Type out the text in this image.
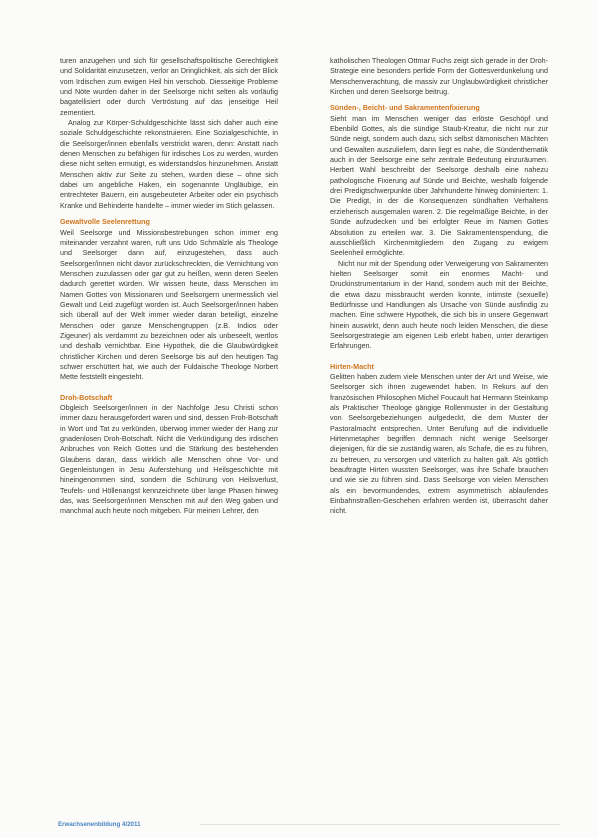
turen anzugehen und sich für gesellschaftspolitische Gerechtigkeit und Solidarität einzusetzen, verlor an Dringlichkeit, als sich der Blick vom Irdischen zum ewigen Heil hin verschob. Diesseitige Probleme und Nöte wurden daher in der Seelsorge nicht selten als vorläufig bagatellisiert oder durch Vertröstung auf das jenseitige Heil zementiert.

Analog zur Körper-Schuldgeschichte lässt sich daher auch eine soziale Schuldgeschichte rekonstruieren. Eine Sozialgeschichte, in die Seelsorger/innen ebenfalls verstrickt waren, denn: Anstatt nach denen Menschen zu befähigen für irdisches Los zu werden, wurden diese nicht selten ermutigt, es widerstandslos hinzunehmen. Anstatt Menschen aktiv zur Seite zu stehen, wurden diese – ohne sich dabei um angebliche Haken, ein sogenannte Ungläubige, ein entrechteter Bauern, ein ausgebeuteter Arbeiter oder ein psychisch Kranke und Behinderte handelte – immer wieder im Stich gelassen.

Gewaltvolle Seelenrettung

Weil Seelsorge und Missionsbestrebungen schon immer eng miteinander verzahnt waren, ruft uns Udo Schmälzle als Theologe und Seelsorger dann auf, einzugestehen, dass auch Seelsorger/innen nicht davor zurückschreckten, die Vernichtung von Menschen zuzulassen oder gar gut zu heißen, wenn deren Seelen dadurch gerettet würden. Wir wissen heute, dass Menschen im Namen Gottes von Missionaren und Seelsorgern unermesslich viel Gewalt und Leid zugefügt worden ist. Auch Seelsorger/innen haben sich überall auf der Welt immer wieder daran beteiligt, einzelne Menschen oder ganze Menschengruppen (z.B. Indios oder Zigeuner) als verdammt zu bezeichnen oder als unbeseelt, wertlos und deshalb vernichtbar. Eine Hypothek, die die Glaubwürdigkeit christlicher Kirchen und deren Seelsorge bis auf den heutigen Tag schwer erschüttert hat, wie auch der Fuldaische Theologe Norbert Mette feststellt eingesteht.

Droh-Botschaft

Obgleich Seelsorger/innen in der Nachfolge Jesu Christi schon immer dazu herausgefordert waren und sind, dessen Froh-Botschaft in Wort und Tat zu verkünden, überwog immer wieder der Hang zur gnadenlosen Droh-Botschaft. Nicht die Verkündigung des irdischen Anbruches von Reich Gottes und die Stärkung des bestehenden Glaubens daran, dass wirklich alle Menschen ohne Vor- und Gegenleistungen in Jesu Auferstehung und Heilsgeschichte mit hineingenommen sind, sondern die Schürung von Heilsverlust, Teufels- und Höllenangst kennzeichnete über lange Phasen hinweg das, was Seelsorger/innen Menschen mit auf den Weg gaben und manchmal auch heute noch mitgeben. Für meinen Lehrer, den

katholischen Theologen Ottmar Fuchs zeigt sich gerade in der Droh-Strategie eine besonders perfide Form der Gottesverdunkelung und Menschenverachtung, die massiv zur Unglaubwürdigkeit christlicher Kirchen und deren Seelsorge beitrug.

Sünden-, Beicht- und Sakramentenfixierung

Sieht man im Menschen weniger das erlöste Geschöpf und Ebenbild Gottes, als die sündige Staub-Kreatur, die nicht nur zur Sünde neigt, sondern auch dazu, sich selbst dämonischen Mächten und Gewalten auszuliefern, dann liegt es nahe, die Sündenthematik auch in der Seelsorge eine sehr zentrale Bedeutung einzuräumen. Herbert Wahl beschreibt der Seelsorge deshalb eine nahezu pathologische Fixierung auf Sünde und Beichte, weshalb folgende drei Predigtschwerpunkte über Jahrhunderte hinweg dominierten: 1. Die Predigt, in der die Konsequenzen sündhaften Verhaltens erzieherisch ausgemalen waren. 2. Die regelmäßige Beichte, in der Sünde aufzudecken und bei erfolgter Reue im Namen Gottes Absolution zu erteilen war. 3. Die Sakramentenspendung, die ausschließlich Kirchenmitgliedern den Zugang zu ewigem Seelenheil ermöglichte.

Nicht nur mit der Spendung oder Verweigerung von Sakramenten hielten Seelsorger somit ein enormes Macht- und Druckinstrumentarium in der Hand, sondern auch mit der Beichte, die etwa dazu missbraucht werden konnte, intimste (sexuelle) Bedürfnisse und Handlungen als Ursache von Sünde ausfindig zu machen. Eine schwere Hypothek, die sich bis in unsere Gegenwart hinein auswirkt, denn auch heute noch leiden Menschen, die diese Seelsorgestrategie am eigenen Leib erlebt haben, unter derartigen Erfahrungen.

Hirten-Macht

Gelitten haben zudem viele Menschen unter der Art und Weise, wie Seelsorger sich ihnen zugewendet haben. In Rekurs auf den französischen Philosophen Michel Foucault hat Hermann Steinkamp als Praktischer Theologe gängige Rollenmuster in der Gestaltung von Seelsorgebeziehungen aufgedeckt, die dem Muster der Pastoralmacht entsprechen. Unter Berufung auf die individuelle Hirtenmetapher begriffen demnach nicht wenige Seelsorger diejenigen, für die sie zuständig waren, als Schafe, die es zu führen, zu betreuen, zu versorgen und väterlich zu halten galt. Als göttlich beauftragte Hirten wussten Seelsorger, was ihre Schafe brauchen und wie sie zu führen sind. Dass Seelsorge von vielen Menschen als ein bevormundendes, extrem asymmetrisch ablaufendes Einbahnstraßen-Geschehen erfahren werden ist, überrascht daher nicht.

Erwachsenenbildung 4/2011
